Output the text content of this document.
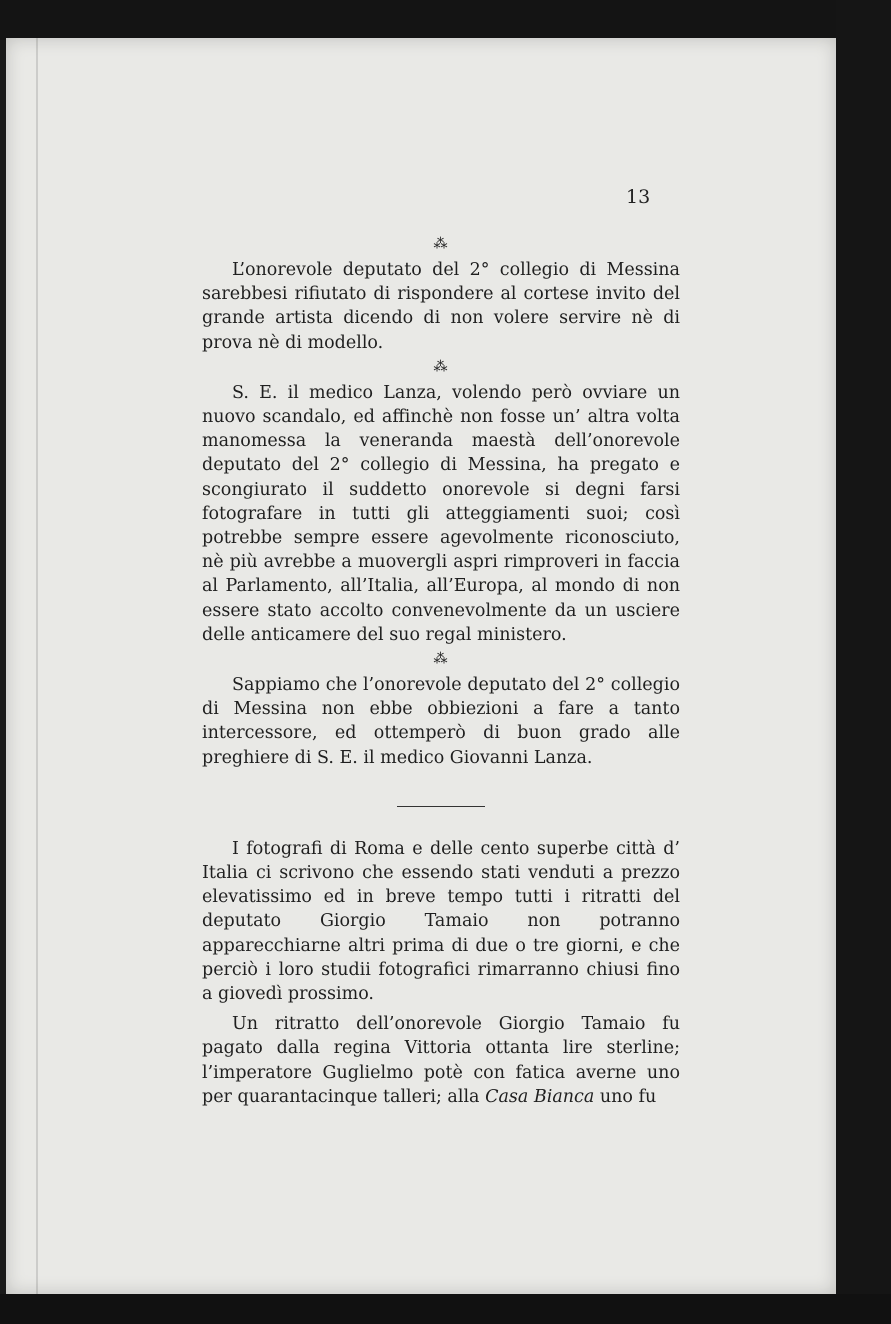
13
⁂

L’onorevole deputato del 2° collegio di Messina sarebbesi rifiutato di rispondere al cortese invito del grande artista dicendo di non volere servire nè di prova nè di modello.

⁂

S. E. il medico Lanza, volendo però ovviare un nuovo scandalo, ed affinchè non fosse un’ altra volta manomessa la veneranda maestà dell’onorevole deputato del 2° collegio di Messina, ha pregato e scongiurato il suddetto onorevole si degni farsi fotografare in tutti gli atteggiamenti suoi; così potrebbe sempre essere agevolmente riconosciuto, nè più avrebbe a muovergli aspri rimproveri in faccia al Parlamento, all’Italia, all’Europa, al mondo di non essere stato accolto convenevolmente da un usciere delle anticamere del suo regal ministero.

⁂

Sappiamo che l’onorevole deputato del 2° collegio di Messina non ebbe obbiezioni a fare a tanto intercessore, ed ottemperò di buon grado alle preghiere di S. E. il medico Giovanni Lanza.

I fotografi di Roma e delle cento superbe città d’ Italia ci scrivono che essendo stati venduti a prezzo elevatissimo ed in breve tempo tutti i ritratti del deputato Giorgio Tamaio non potranno apparecchiarne altri prima di due o tre giorni, e che perciò i loro studii fotografici rimarranno chiusi fino a giovedì prossimo.

Un ritratto dell’onorevole Giorgio Tamaio fu pagato dalla regina Vittoria ottanta lire sterline; l’imperatore Guglielmo potè con fatica averne uno per quarantacinque talleri; alla Casa Bianca uno fu
